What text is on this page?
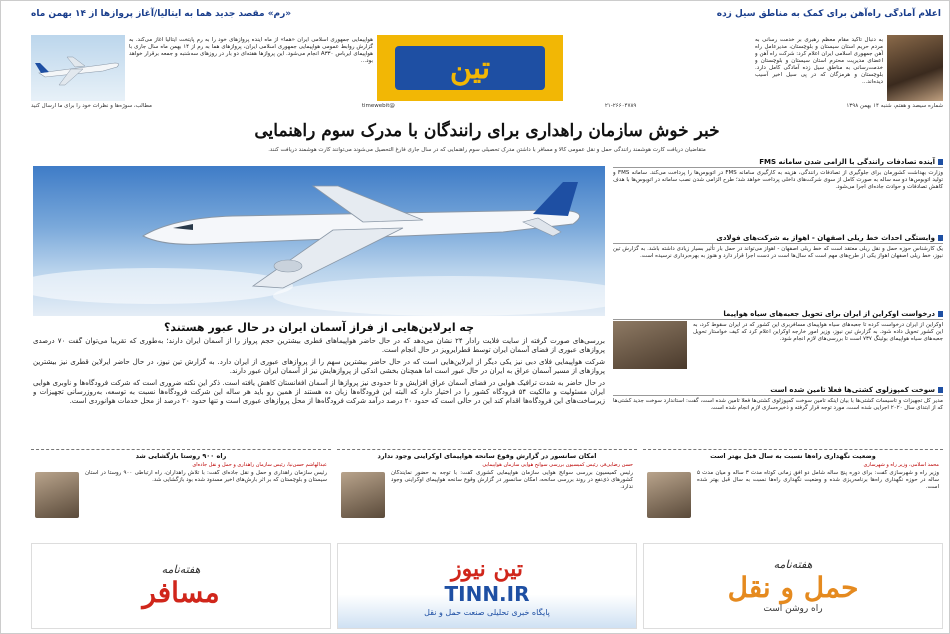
اعلام آمادگی راه‌آهن برای کمک به مناطق سیل زده
«رم» مقصد جدید هما به ایتالیا/آغاز پروازها از ۱۴ بهمن ماه
به دنبال تاکید مقام معظم رهبری بر خدمت رسانی به مردم حریم استان سیستان و بلوچستان، مدیرعامل راه آهن جمهوری اسلامی ایران اعلام کرد: شرکت راه آهن و اعضای مدیریت محترم استان سیستان و بلوچستان و خدمت‌رسانی به مناطق سیل زده آمادگی کامل دارد. بلوچستان و هرمزگان که در پی سیل اخیر آسیب دیده‌اند...
تین
هواپیمایی جمهوری اسلامی ایران «هما» از ماه آینده پروازهای خود را به رم پایتخت ایتالیا آغاز می‌کند. به گزارش روابط عمومی هواپیمایی جمهوری اسلامی ایران، پروازهای هما به رم از ۱۴ بهمن ماه سال جاری با هواپیمای ایرباس A۳۳۰ انجام می‌شود. این پروازها هفته‌ای دو بار در روزهای سه‌شنبه و جمعه برقرار خواهد بود...
شماره سیصد و هفتم، شنبه ۱۴ بهمن ۱۳۹۸
۲۱-۲۶۶۰۴۷۸۹
@timewebit
مطالب، سوژه‌ها و نظرات خود را برای ما ارسال کنید
خبر خوش سازمان راهداری برای رانندگان با مدرک سوم راهنمایی
متقاضیان دریافت کارت هوشمند رانندگی حمل و نقل عمومی کالا و مسافر با داشتن مدرک تحصیلی سوم راهنمایی که در سال جاری فارغ التحصیل می‌شوند می‌توانند کارت هوشمند دریافت کنند.
چه ایرلاین‌هایی از فراز آسمان ایران در حال عبور هستند؟

بررسی‌های صورت گرفته از سایت فلایت رادار ۲۴ نشان می‌دهد که در حال حاضر هواپیماهای قطری بیشترین حجم پرواز را از آسمان ایران دارند؛ به‌طوری که تقریباً می‌توان گفت ۷۰ درصدی پروازهای عبوری از فضای آسمان ایران توسط قطرایرویز در حال انجام است.

شرکت هواپیمایی فلای دبی نیز یکی دیگر از ایرلاین‌هایی است که در حال حاضر بیشترین سهم را از پروازهای عبوری از ایران دارد. به گزارش تین نیوز، در حال حاضر ایرلاین قطری نیز بیشترین پروازهای از مسیر آسمان عراق به ایران در حال عبور است اما همچنان بخشی اندکی از پروازهایش نیز از آسمان ایران عبور دارند.

در حال حاضر به شدت ترافیک هوایی در فضای آسمان عراق افزایش و تا حدودی نیز پروازها از آسمان افغانستان کاهش یافته است. ذکر این نکته ضروری است که شرکت فرودگاه‌ها و ناوبری هوایی ایران مسئولیت و مالکیت ۵۴ فرودگاه کشور را در اختیار دارد که البته این فرودگاه‌ها زبان ده هستند از همین رو باید هر ساله این شرکت فرودگاه‌ها نسبت به توسعه، به‌روزرسانی تجهیزات و زیرساخت‌های این فرودگاه‌ها اقدام کند این در حالی است که حدود ۲۰ درصد درآمد شرکت فرودگاه‌ها از محل پروازهای عبوری است و تنها حدود ۲۰ درصد از محل خدمات هوانوردی است.

آینده تصادفات رانندگی با الزامی شدن سامانه FMS
وزارت بهداشت کشورمان برای جلوگیری از تصادفات رانندگی، هزینه به کارگیری سامانه FMS در اتوبوس‌ها را پرداخت می‌کند. سامانه FMS و تولید اتوبوس‌ها دو سه ساله به صورت کامل از سوی شرکت‌های داخلی پرداخت خواهد شد؛ طرح الزامی شدن نصب سامانه در اتوبوس‌ها با هدف کاهش تصادفات و حوادث جاده‌ای اجرا می‌شود.
وابستگی احداث خط ریلی اصفهان - اهواز به شرکت‌های فولادی
یک کارشناس حوزه حمل و نقل ریلی معتقد است که خط ریلی اصفهان - اهواز می‌تواند در حمل بار تأثیر بسیار زیادی داشته باشد. به گزارش تین نیوز، خط ریلی اصفهان اهواز یکی از طرح‌های مهم است که سال‌ها است در دست اجرا قرار دارد و هنوز به بهره‌برداری نرسیده است.
درخواست اوکراین از ایران برای تحویل جعبه‌های سیاه هواپیما
اوکراین از ایران درخواست کرده تا جعبه‌های سیاه هواپیمای مسافربری این کشور که در ایران سقوط کرد، به این کشور تحویل داده شود. به گزارش تین نیوز، وزیر امور خارجه اوکراین اعلام کرد که کیف خواستار تحویل جعبه‌های سیاه هواپیمای بوئینگ ۷۳۷ است تا بررسی‌های لازم انجام شود.
سوخت کمپوزلوی کشتی‌ها فعلا تامین شده است
مدیر کل تجهیزات و تاسیسات کشتی‌ها با بیان اینکه تامین سوخت کمپوزلوی کشتی‌ها فعلا تامین شده است، گفت: استاندارد سوخت جدید کشتی‌ها که از ابتدای سال ۲۰۲۰ اجرایی شده است، مورد توجه قرار گرفته و ذخیره‌سازی لازم انجام شده است.
وضعیت نگهداری راه‌ها نسبت به سال قبل بهتر است
محمد اسلامی، وزیر راه و شهرسازی
وزیر راه و شهرسازی گفت: برای دوره پنج ساله شامل دو افق زمانی کوتاه مدت ۳ ساله و میان مدت ۵ ساله در حوزه نگهداری راه‌ها برنامه‌ریزی شده و وضعیت نگهداری راه‌ها نسبت به سال قبل بهتر شده است.
امکان سانسور در گزارش وقوع سانحه هواپیمای اوکراینی وجود ندارد
حسن رضایی‌فر، رئیس کمیسیون بررسی سوانح هوایی سازمان هواپیمایی
رئیس کمیسیون بررسی سوانح هوایی سازمان هواپیمایی کشوری گفت: با توجه به حضور نمایندگان کشورهای ذی‌نفع در روند بررسی سانحه، امکان سانسور در گزارش وقوع سانحه هواپیمای اوکراینی وجود ندارد.
راه ۹۰۰ روستا بازگشایی شد
عبدالهاشم حسن‌نیا، رئیس سازمان راهداری و حمل و نقل جاده‌ای
رئیس سازمان راهداری و حمل و نقل جاده‌ای گفت: با تلاش راهداران، راه ارتباطی ۹۰۰ روستا در استان سیستان و بلوچستان که بر اثر بارش‌های اخیر مسدود شده بود بازگشایی شد.
هفته‌نامه
حمل و نقل
راه روشن است
تین نیوز
TINN.IR
پایگاه خبری تحلیلی صنعت حمل و نقل
هفته‌نامه
مسافر
